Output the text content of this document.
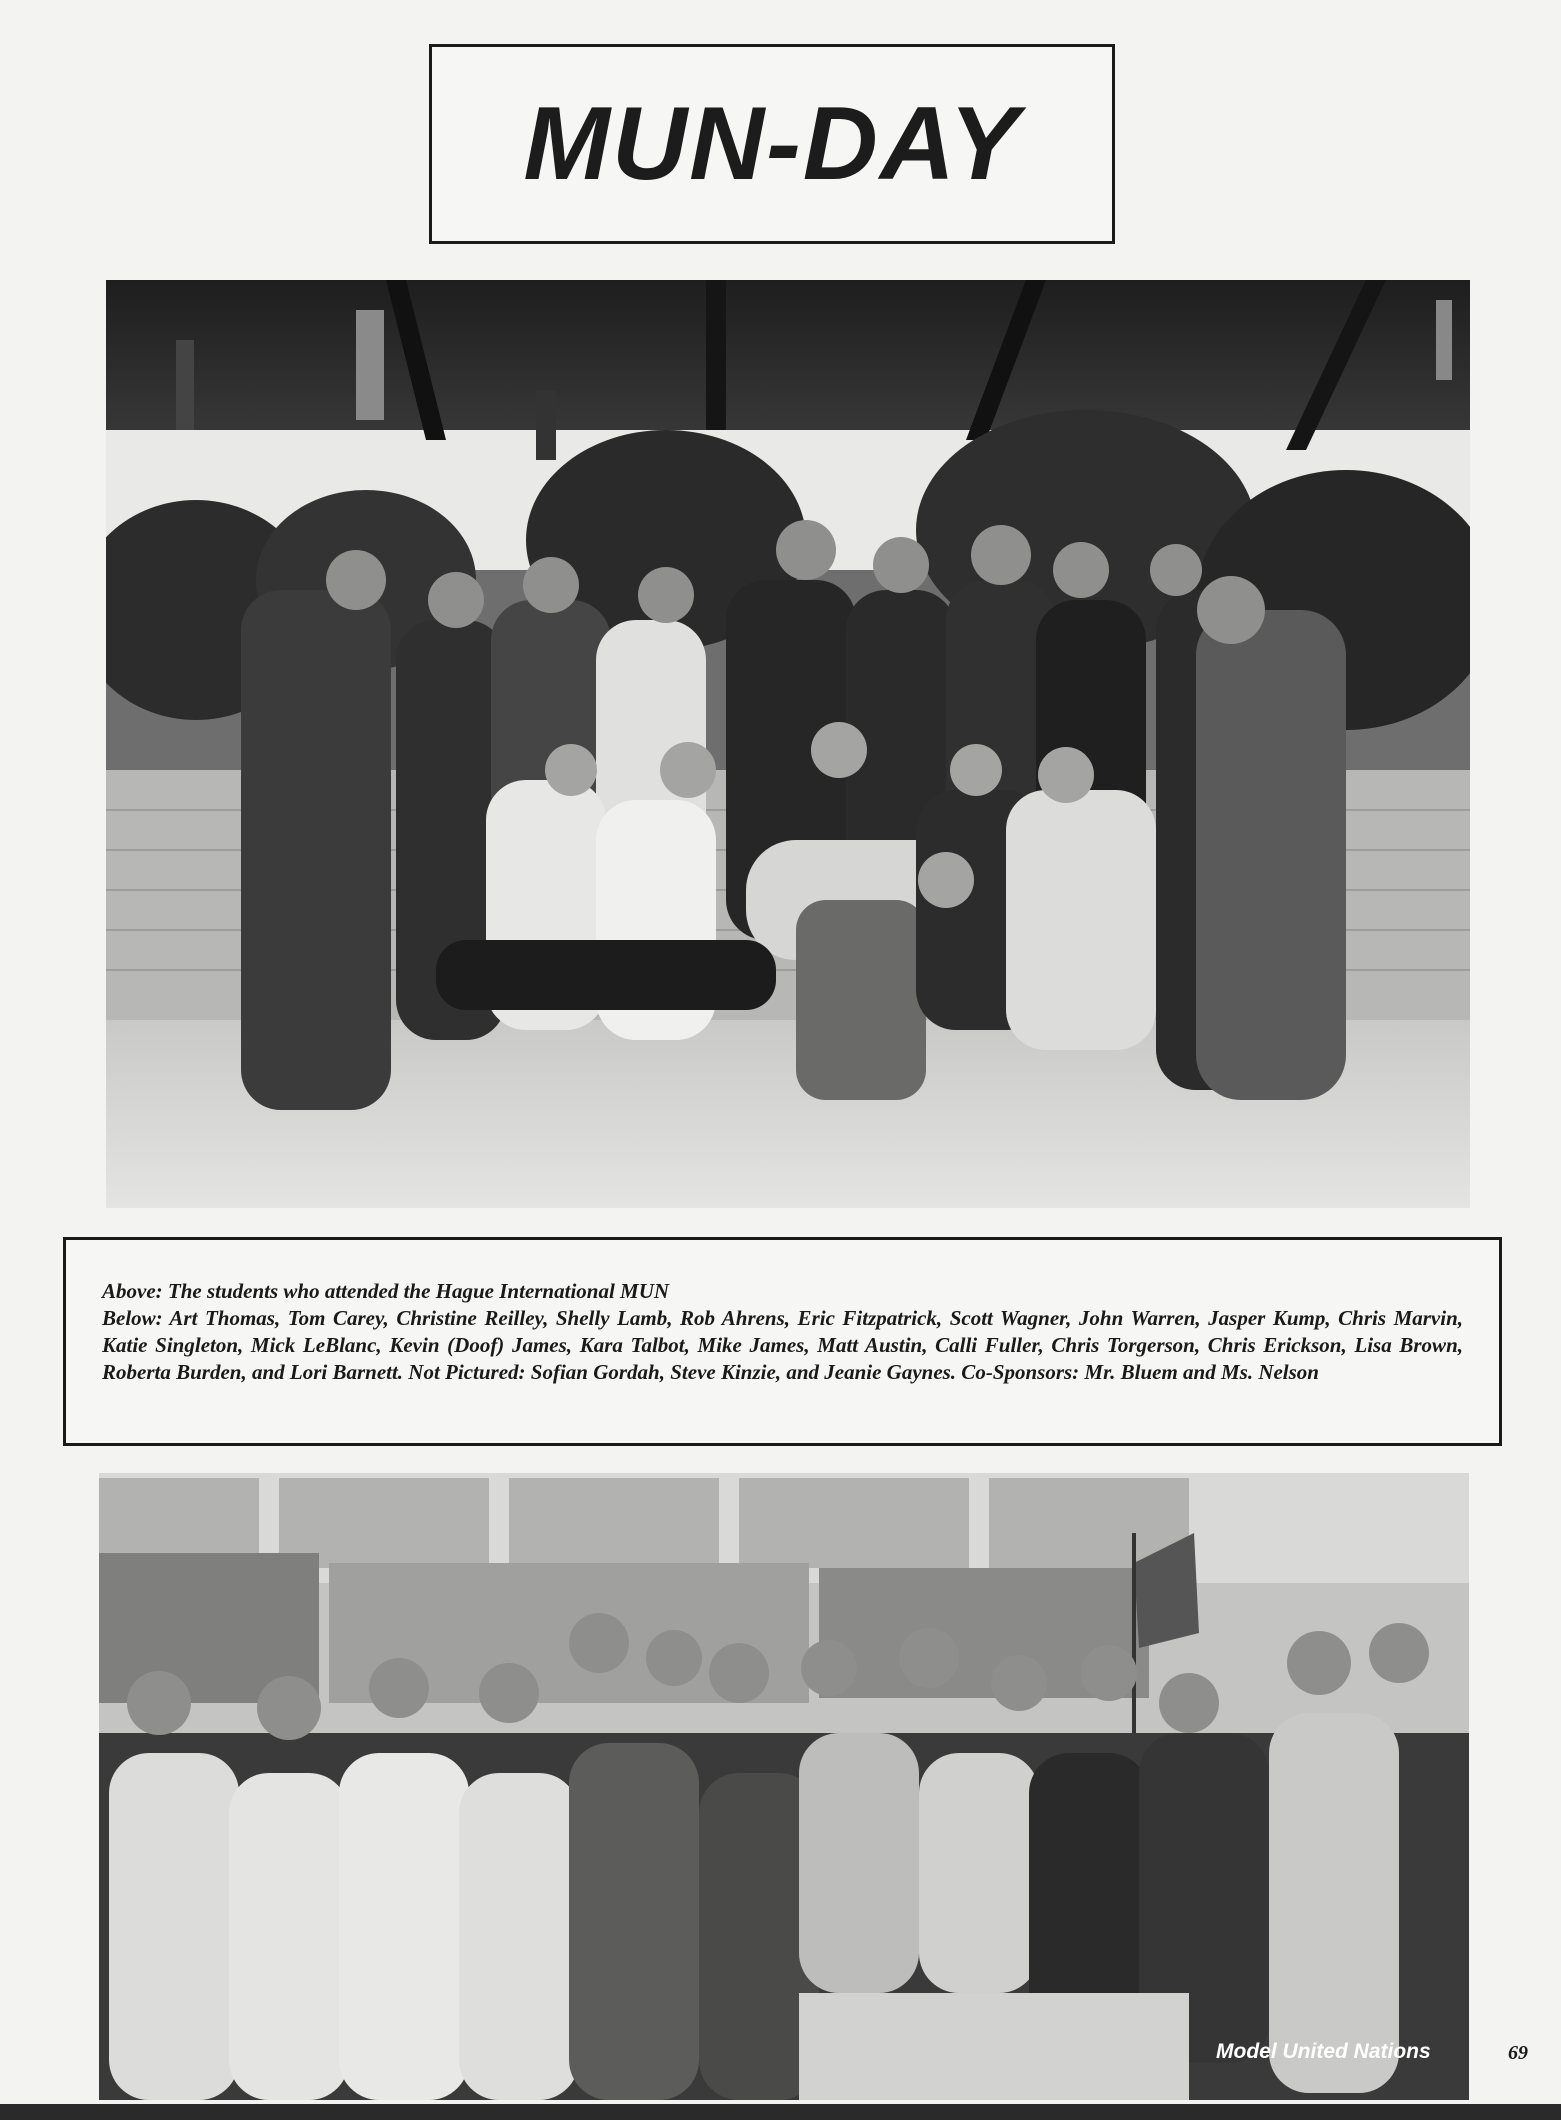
MUN-DAY

Above: The students who attended the Hague International MUN

Below: Art Thomas, Tom Carey, Christine Reilley, Shelly Lamb, Rob Ahrens, Eric Fitzpatrick, Scott Wagner, John Warren, Jasper Kump, Chris Marvin, Katie Singleton, Mick LeBlanc, Kevin (Doof) James, Kara Talbot, Mike James, Matt Austin, Calli Fuller, Chris Torgerson, Chris Erickson, Lisa Brown, Roberta Burden, and Lori Barnett. Not Pictured: Sofian Gordah, Steve Kinzie, and Jeanie Gaynes. Co-Sponsors: Mr. Bluem and Ms. Nelson

Model United Nations	69
